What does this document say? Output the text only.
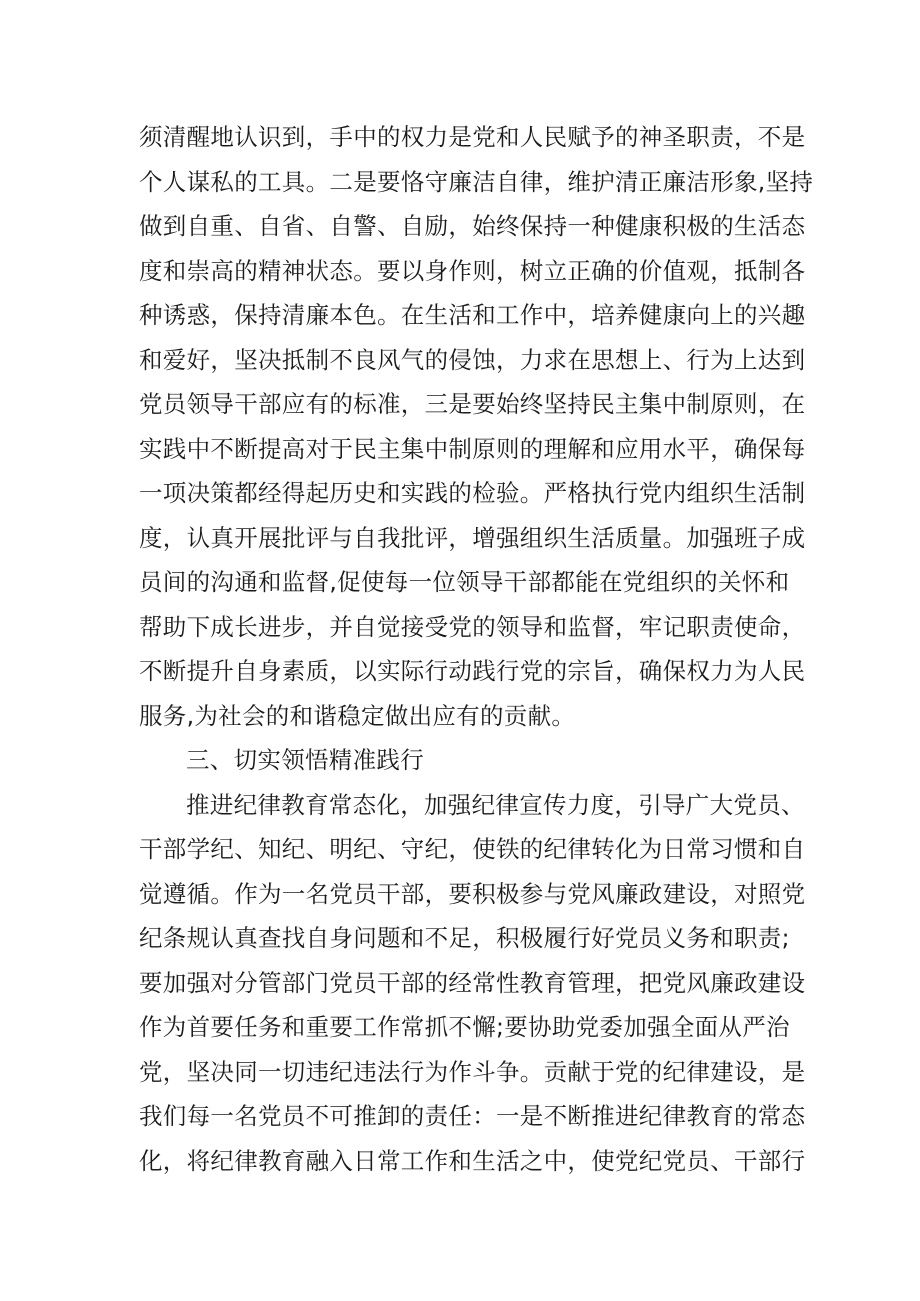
须清醒地认识到，手中的权力是党和人民赋予的神圣职责，不是
个人谋私的工具。二是要恪守廉洁自律，维护清正廉洁形象,坚持
做到自重、自省、自警、自励，始终保持一种健康积极的生活态
度和崇高的精神状态。要以身作则，树立正确的价值观，抵制各
种诱惑，保持清廉本色。在生活和工作中，培养健康向上的兴趣
和爱好，坚决抵制不良风气的侵蚀，力求在思想上、行为上达到
党员领导干部应有的标准，三是要始终坚持民主集中制原则，在
实践中不断提高对于民主集中制原则的理解和应用水平，确保每
一项决策都经得起历史和实践的检验。严格执行党内组织生活制
度，认真开展批评与自我批评，增强组织生活质量。加强班子成
员间的沟通和监督,促使每一位领导干部都能在党组织的关怀和
帮助下成长进步，并自觉接受党的领导和监督，牢记职责使命，
不断提升自身素质，以实际行动践行党的宗旨，确保权力为人民
服务,为社会的和谐稳定做出应有的贡献。
三、切实领悟精准践行
推进纪律教育常态化，加强纪律宣传力度，引导广大党员、
干部学纪、知纪、明纪、守纪，使铁的纪律转化为日常习惯和自
觉遵循。作为一名党员干部，要积极参与党风廉政建设，对照党
纪条规认真查找自身问题和不足，积极履行好党员义务和职责;
要加强对分管部门党员干部的经常性教育管理，把党风廉政建设
作为首要任务和重要工作常抓不懈;要协助党委加强全面从严治
党，坚决同一切违纪违法行为作斗争。贡献于党的纪律建设，是
我们每一名党员不可推卸的责任：一是不断推进纪律教育的常态
化，将纪律教育融入日常工作和生活之中，使党纪党员、干部行
